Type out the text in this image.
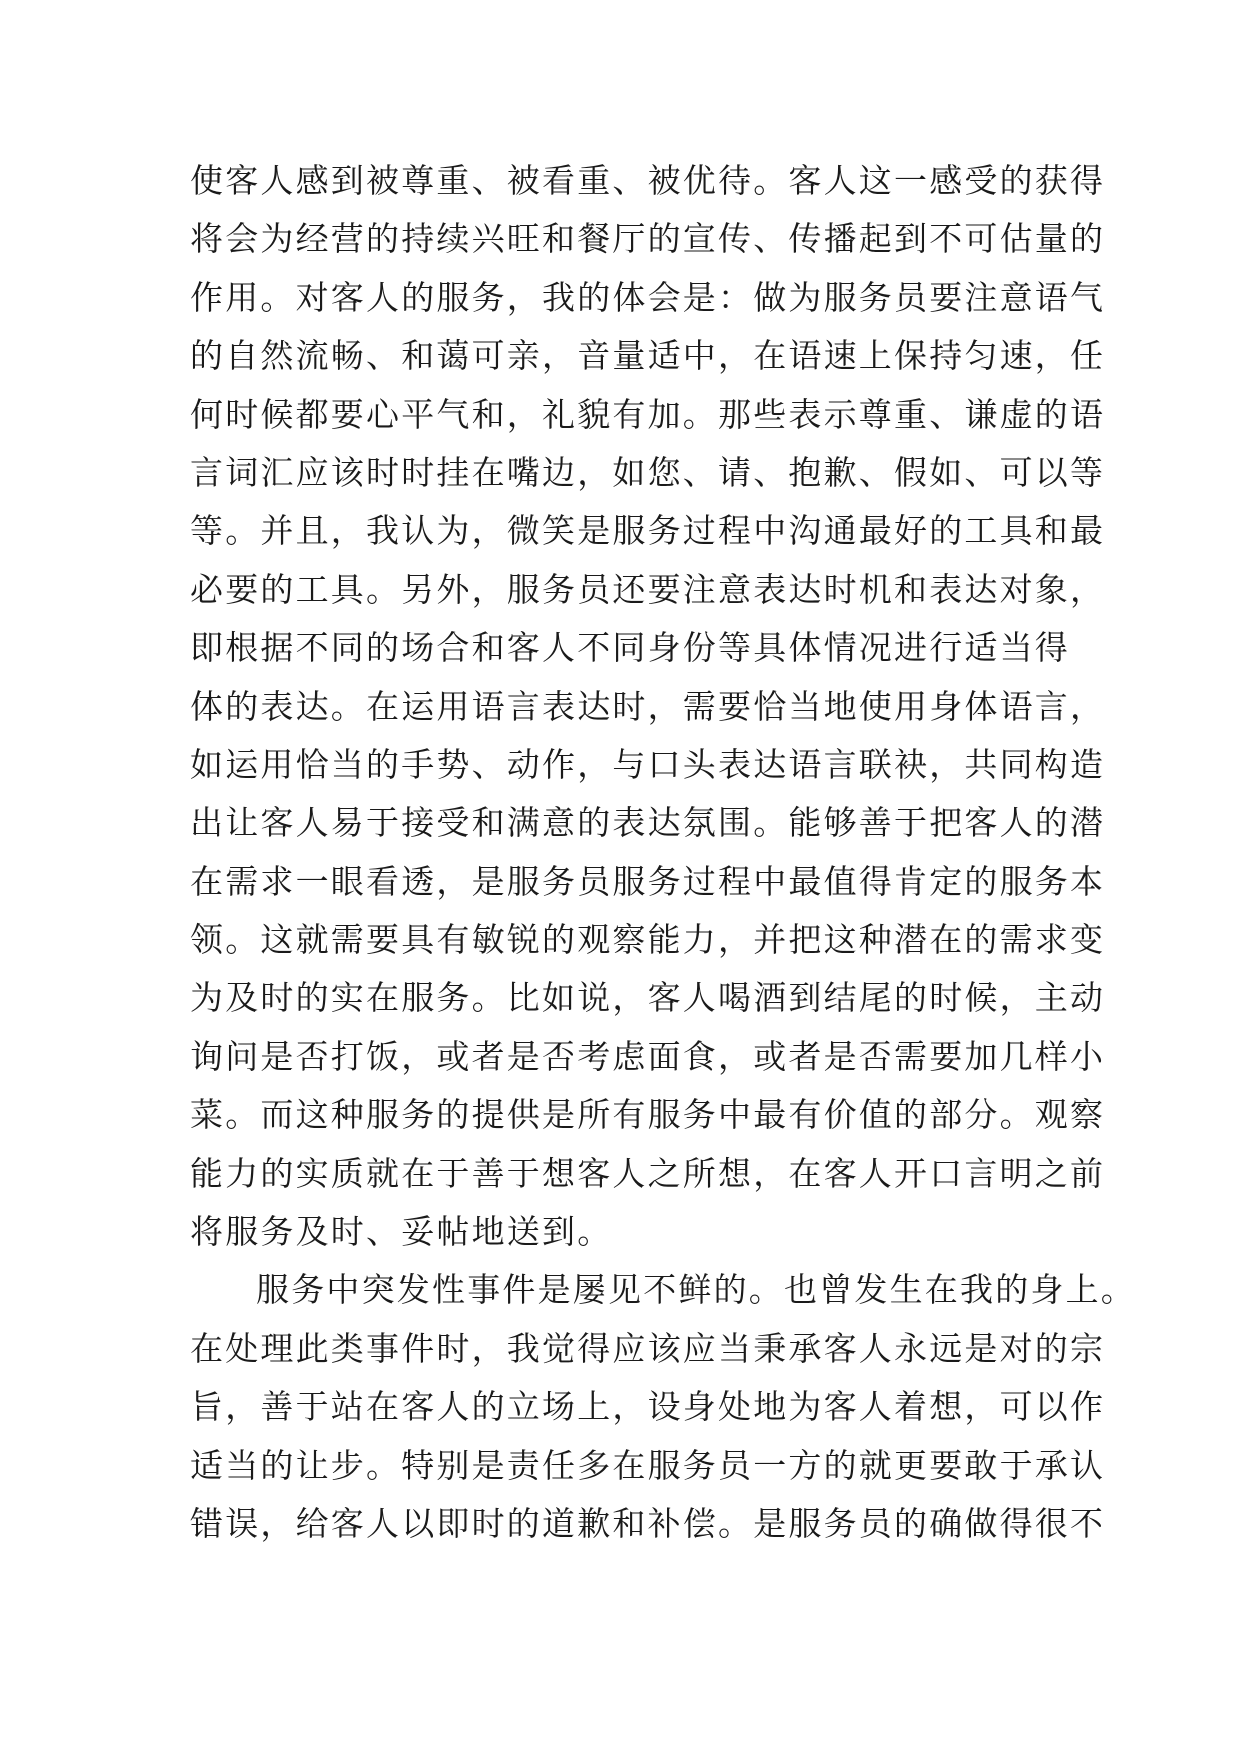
使客人感到被尊重、被看重、被优待。客人这一感受的获得
将会为经营的持续兴旺和餐厅的宣传、传播起到不可估量的
作用。对客人的服务，我的体会是：做为服务员要注意语气
的自然流畅、和蔼可亲，音量适中，在语速上保持匀速，任
何时候都要心平气和，礼貌有加。那些表示尊重、谦虚的语
言词汇应该时时挂在嘴边，如您、请、抱歉、假如、可以等
等。并且，我认为，微笑是服务过程中沟通最好的工具和最
必要的工具。另外，服务员还要注意表达时机和表达对象，
即根据不同的场合和客人不同身份等具体情况进行适当得
体的表达。在运用语言表达时，需要恰当地使用身体语言，
如运用恰当的手势、动作，与口头表达语言联袂，共同构造
出让客人易于接受和满意的表达氛围。能够善于把客人的潜
在需求一眼看透，是服务员服务过程中最值得肯定的服务本
领。这就需要具有敏锐的观察能力，并把这种潜在的需求变
为及时的实在服务。比如说，客人喝酒到结尾的时候，主动
询问是否打饭，或者是否考虑面食，或者是否需要加几样小
菜。而这种服务的提供是所有服务中最有价值的部分。观察
能力的实质就在于善于想客人之所想，在客人开口言明之前
将服务及时、妥帖地送到。
服务中突发性事件是屡见不鲜的。也曾发生在我的身上。
在处理此类事件时，我觉得应该应当秉承客人永远是对的宗
旨，善于站在客人的立场上，设身处地为客人着想，可以作
适当的让步。特别是责任多在服务员一方的就更要敢于承认
错误，给客人以即时的道歉和补偿。是服务员的确做得很不
